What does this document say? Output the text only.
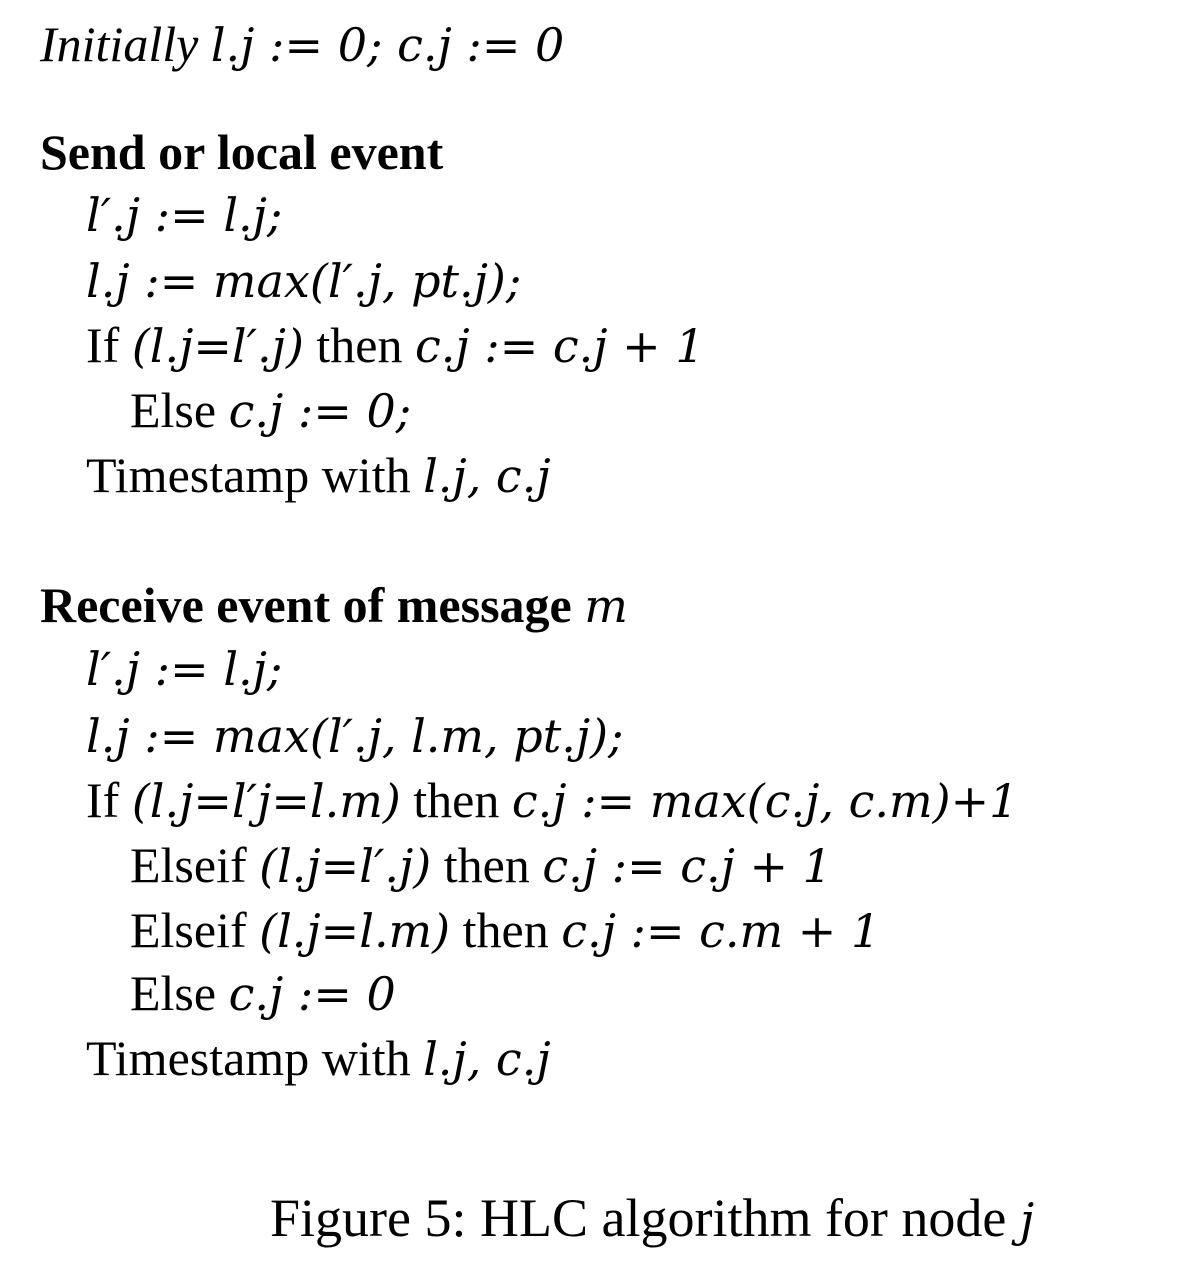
Initially l.j := 0; c.j := 0
Send or local event
l′.j := l.j;
l.j := max(l′.j, pt.j);
If (l.j=l′.j) then c.j := c.j + 1
Else c.j := 0;
Timestamp with l.j, c.j
Receive event of message m
l′.j := l.j;
l.j := max(l′.j, l.m, pt.j);
If (l.j=l′j=l.m) then c.j := max(c.j, c.m)+1
Elseif (l.j=l′.j) then c.j := c.j + 1
Elseif (l.j=l.m) then c.j := c.m + 1
Else c.j := 0
Timestamp with l.j, c.j
Figure 5: HLC algorithm for node j
